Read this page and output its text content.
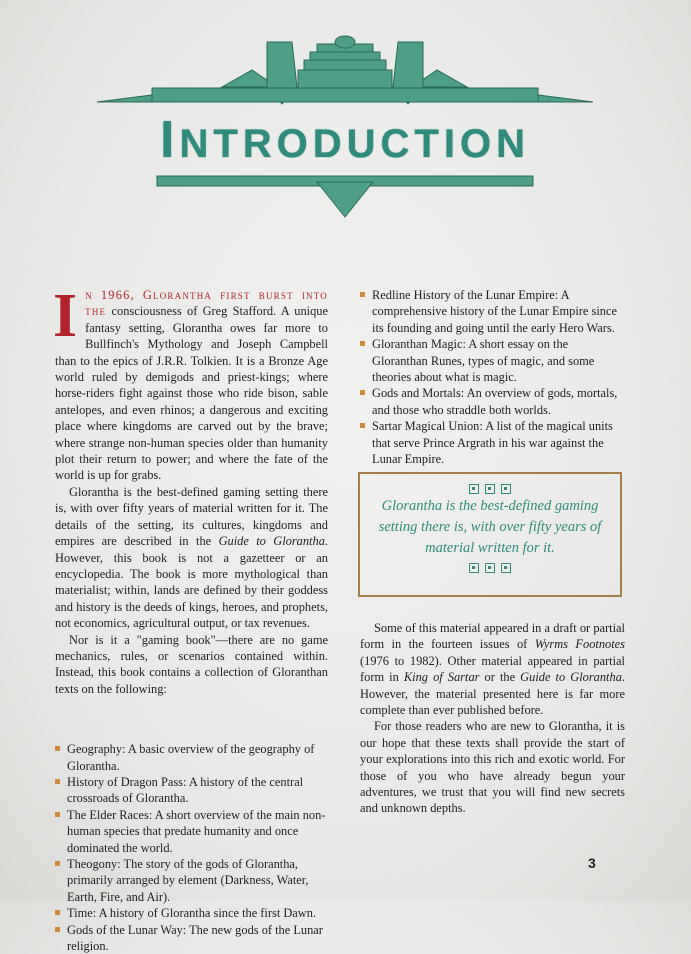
INTRODUCTION

In 1966, Glorantha first burst into the consciousness of Greg Stafford. A unique fantasy setting, Glorantha owes far more to Bullfinch's Mythology and Joseph Campbell than to the epics of J.R.R. Tolkien. It is a Bronze Age world ruled by demigods and priest-kings; where horse-riders fight against those who ride bison, sable antelopes, and even rhinos; a dangerous and exciting place where kingdoms are carved out by the brave; where strange non-human species older than humanity plot their return to power; and where the fate of the world is up for grabs.

Glorantha is the best-defined gaming setting there is, with over fifty years of material written for it. The details of the setting, its cultures, kingdoms and empires are described in the Guide to Glorantha. However, this book is not a gazetteer or an encyclopedia. The book is more mythological than materialist; within, lands are defined by their goddess and history is the deeds of kings, heroes, and prophets, not economics, agricultural output, or tax revenues.

Nor is it a "gaming book"—there are no game mechanics, rules, or scenarios contained within. Instead, this book contains a collection of Gloranthan texts on the following:

Geography: A basic overview of the geography of Glorantha.
History of Dragon Pass: A history of the central crossroads of Glorantha.
The Elder Races: A short overview of the main non-human species that predate humanity and once dominated the world.
Theogony: The story of the gods of Glorantha, primarily arranged by element (Darkness, Water, Earth, Fire, and Air).
Time: A history of Glorantha since the first Dawn.
Gods of the Lunar Way: The new gods of the Lunar religion.
Redline History of the Lunar Empire: A comprehensive history of the Lunar Empire since its founding and going until the early Hero Wars.
Gloranthan Magic: A short essay on the Gloranthan Runes, types of magic, and some theories about what is magic.
Gods and Mortals: An overview of gods, mortals, and those who straddle both worlds.
Sartar Magical Union: A list of the magical units that serve Prince Argrath in his war against the Lunar Empire.
Glorantha is the best-defined gaming setting there is, with over fifty years of material written for it.

Some of this material appeared in a draft or partial form in the fourteen issues of Wyrms Footnotes (1976 to 1982). Other material appeared in partial form in King of Sartar or the Guide to Glorantha. However, the material presented here is far more complete than ever published before.

For those readers who are new to Glorantha, it is our hope that these texts shall provide the start of your explorations into this rich and exotic world. For those of you who have already begun your adventures, we trust that you will find new secrets and unknown depths.

3
